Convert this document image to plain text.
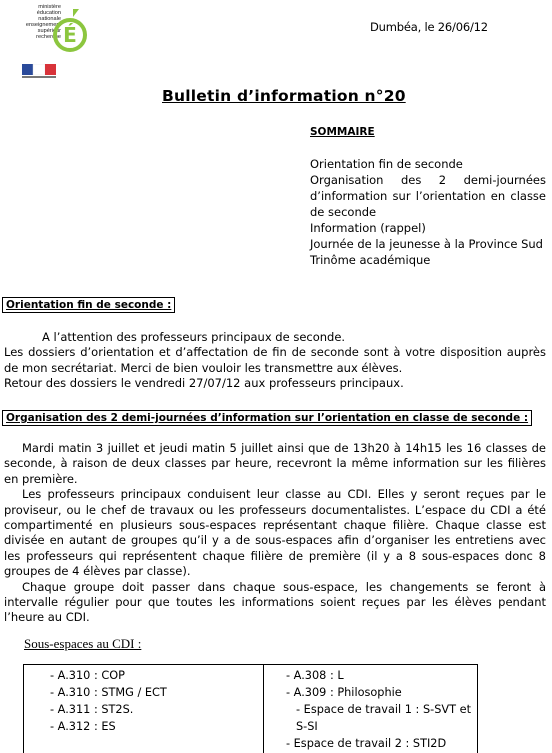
ministère
éducation
nationale
enseignement
supérieur
recherche É	Dumbéa, le 26/06/12
Bulletin d’information n°20
SOMMAIRE
Orientation fin de seconde
Organisation des 2 demi-journées d’information sur l’orientation en classe de seconde
Information (rappel)
Journée de la jeunesse à la Province Sud
Trinôme académique
Orientation fin de seconde :

A l’attention des professeurs principaux de seconde.

Les dossiers d’orientation et d’affectation de fin de seconde sont à votre disposition auprès de mon secrétariat. Merci de bien vouloir les transmettre aux élèves.

Retour des dossiers le vendredi 27/07/12 aux professeurs principaux.

Organisation des 2 demi-journées d’information sur l’orientation en classe de seconde :

Mardi matin 3 juillet et jeudi matin 5 juillet ainsi que de 13h20 à 14h15 les 16 classes de seconde, à raison de deux classes par heure, recevront la même information sur les filières en première.

Les professeurs principaux conduisent leur classe au CDI. Elles y seront reçues par le proviseur, ou le chef de travaux ou les professeurs documentalistes. L’espace du CDI a été compartimenté en plusieurs sous-espaces représentant chaque filière. Chaque classe est divisée en autant de groupes qu’il y a de sous-espaces afin d’organiser les entretiens avec les professeurs qui représentent chaque filière de première (il y a 8 sous-espaces donc 8 groupes de 4 élèves par classe).

Chaque groupe doit passer dans chaque sous-espace, les changements se feront à intervalle régulier pour que toutes les informations soient reçues par les élèves pendant l’heure au CDI.

Sous-espaces au CDI :
- A.310 : COP
- A.310 : STMG / ECT
- A.311 : ST2S.
- A.312 : ES
- A.308 : L
- A.309 : Philosophie
- Espace de travail 1 : S-SVT et S-SI
- Espace de travail 2 : STI2D
